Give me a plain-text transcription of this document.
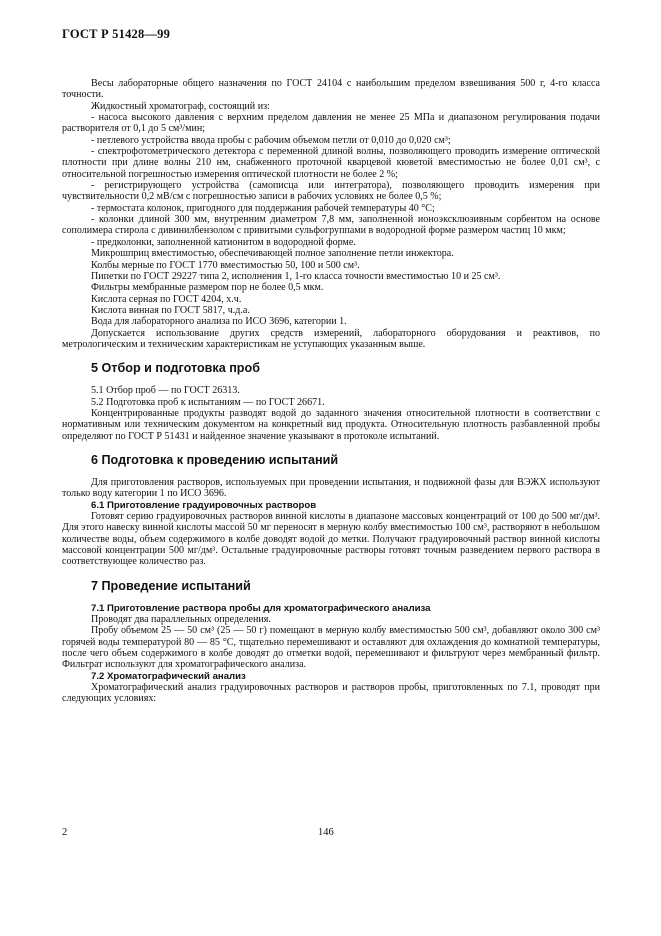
ГОСТ Р 51428—99

Весы лабораторные общего назначения по ГОСТ 24104 с наибольшим пределом взвешивания 500 г, 4-го класса точности.

Жидкостный хроматограф, состоящий из:

- насоса высокого давления с верхним пределом давления не менее 25 МПа и диапазоном регулирования подачи растворителя от 0,1 до 5 см³/мин;

- петлевого устройства ввода пробы с рабочим объемом петли от 0,010 до 0,020 см³;

- спектрофотометрического детектора с переменной длиной волны, позволяющего проводить измерение оптической плотности при длине волны 210 нм, снабженного проточной кварцевой кюветой вместимостью не более 0,01 см³, с относительной погрешностью измерения оптической плотности не более 2 %;

- регистрирующего устройства (самописца или интегратора), позволяющего проводить измерения при чувствительности 0,2 мВ/см с погрешностью записи в рабочих условиях не более 0,5 %;

- термостата колонок, пригодного для поддержания рабочей температуры 40 °С;

- колонки длиной 300 мм, внутренним диаметром 7,8 мм, заполненной ионоэксклюзивным сорбентом на основе сополимера стирола с дивинилбензолом с привитыми сульфогруппами в водородной форме размером частиц 10 мкм;

- предколонки, заполненной катионитом в водородной форме.

Микрошприц вместимостью, обеспечивающей полное заполнение петли инжектора.

Колбы мерные по ГОСТ 1770 вместимостью 50, 100 и 500 см³.

Пипетки по ГОСТ 29227 типа 2, исполнения 1, 1-го класса точности вместимостью 10 и 25 см³.

Фильтры мембранные размером пор не более 0,5 мкм.

Кислота серная по ГОСТ 4204, х.ч.

Кислота винная по ГОСТ 5817, ч.д.а.

Вода для лабораторного анализа по ИСО 3696, категории 1.

Допускается использование других средств измерений, лабораторного оборудования и реактивов, по метрологическим и техническим характеристикам не уступающих указанным выше.

5 Отбор и подготовка проб

5.1 Отбор проб — по ГОСТ 26313.

5.2 Подготовка проб к испытаниям — по ГОСТ 26671.

Концентрированные продукты разводят водой до заданного значения относительной плотности в соответствии с нормативным или техническим документом на конкретный вид продукта. Относительную плотность разбавленной пробы определяют по ГОСТ Р 51431 и найденное значение указывают в протоколе испытаний.

6 Подготовка к проведению испытаний

Для приготовления растворов, используемых при проведении испытания, и подвижной фазы для ВЭЖХ используют только воду категории 1 по ИСО 3696.

6.1 Приготовление градуировочных растворов

Готовят серию градуировочных растворов винной кислоты в диапазоне массовых концентраций от 100 до 500 мг/дм³. Для этого навеску винной кислоты массой 50 мг переносят в мерную колбу вместимостью 100 см³, растворяют в небольшом количестве воды, объем содержимого в колбе доводят водой до метки. Получают градуировочный раствор винной кислоты массовой концентрации 500 мг/дм³. Остальные градуировочные растворы готовят точным разведением первого раствора в соответствующее количество раз.

7 Проведение испытаний

7.1 Приготовление раствора пробы для хроматографического анализа

Проводят два параллельных определения.

Пробу объемом 25 — 50 см³ (25 — 50 г) помещают в мерную колбу вместимостью 500 см³, добавляют около 300 см³ горячей воды температурой 80 — 85 °С, тщательно перемешивают и оставляют для охлаждения до комнатной температуры, после чего объем содержимого в колбе доводят до отметки водой, перемешивают и фильтруют через мембранный фильтр. Фильтрат используют для хроматографического анализа.

7.2 Хроматографический анализ

Хроматографический анализ градуировочных растворов и растворов пробы, приготовленных по 7.1, проводят при следующих условиях:

2	146
